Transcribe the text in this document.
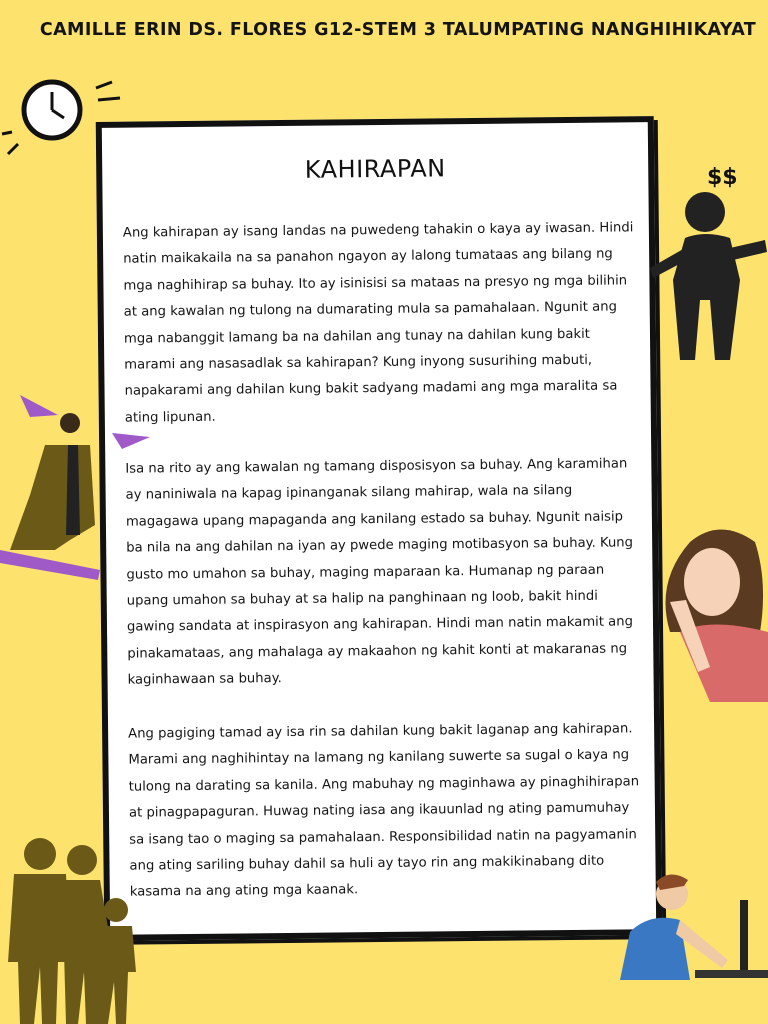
CAMILLE ERIN DS. FLORES G12-STEM 3 TALUMPATING NANGHIHIKAYAT
KAHIRAPAN

Ang kahirapan ay isang landas na puwedeng tahakin o kaya ay iwasan. Hindi natin maikakaila na sa panahon ngayon ay lalong tumataas ang bilang ng mga naghihirap sa buhay. Ito ay isinisisi sa mataas na presyo ng mga bilihin at ang kawalan ng tulong na dumarating mula sa pamahalaan. Ngunit ang mga nabanggit lamang ba na dahilan ang tunay na dahilan kung bakit marami ang nasasadlak sa kahirapan? Kung inyong susurihing mabuti, napakarami ang dahilan kung bakit sadyang madami ang mga maralita sa ating lipunan.

Isa na rito ay ang kawalan ng tamang disposisyon sa buhay. Ang karamihan ay naniniwala na kapag ipinanganak silang mahirap, wala na silang magagawa upang mapaganda ang kanilang estado sa buhay. Ngunit naisip ba nila na ang dahilan na iyan ay pwede maging motibasyon sa buhay. Kung gusto mo umahon sa buhay, maging maparaan ka. Humanap ng paraan upang umahon sa buhay at sa halip na panghinaan ng loob, bakit hindi gawing sandata at inspirasyon ang kahirapan. Hindi man natin makamit ang pinakamataas, ang mahalaga ay makaahon ng kahit konti at makaranas ng kaginhawaan sa buhay.

Ang pagiging tamad ay isa rin sa dahilan kung bakit laganap ang kahirapan. Marami ang naghihintay na lamang ng kanilang suwerte sa sugal o kaya ng tulong na darating sa kanila. Ang mabuhay ng maginhawa ay pinaghihirapan at pinagpapaguran. Huwag nating iasa ang ikauunlad ng ating pamumuhay sa isang tao o maging sa pamahalaan. Responsibilidad natin na pagyamanin ang ating sariling buhay dahil sa huli ay tayo rin ang makikinabang dito kasama na ang ating mga kaanak.

$$
